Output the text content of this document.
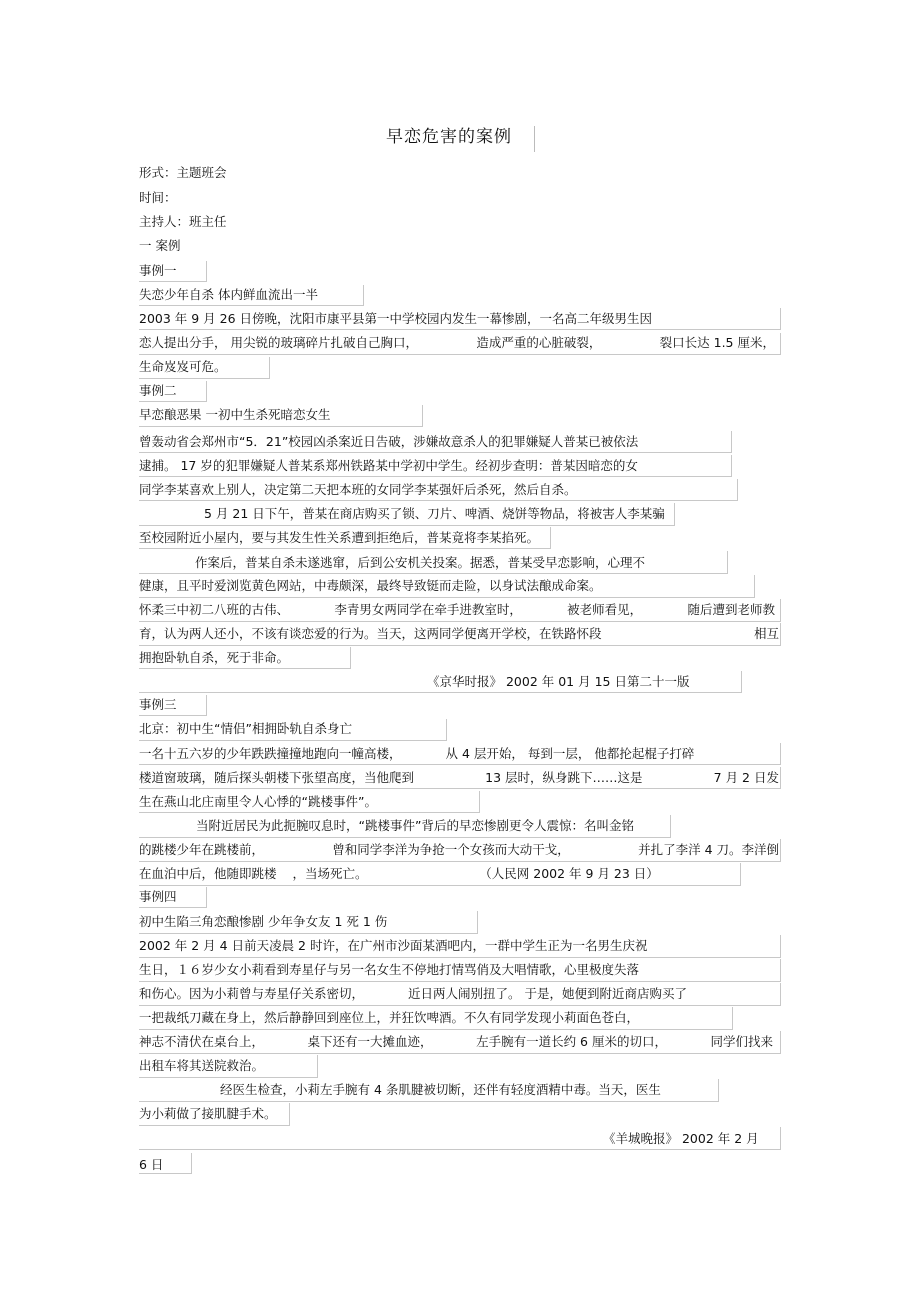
早恋危害的案例
形式：主题班会
时间：
主持人：班主任
一 案例
事例一
失恋少年自杀 体内鲜血流出一半
2003 年 9 月 26 日傍晚，沈阳市康平县第一中学校园内发生一幕惨剧，一名高二年级男生因
恋人提出分手， 用尖锐的玻璃碎片扎破自己胸口，	造成严重的心脏破裂，	裂口长达 1.5 厘米，
生命岌岌可危。
事例二
早恋酿恶果 一初中生杀死暗恋女生
曾轰动省会郑州市“5．21”校园凶杀案近日告破，涉嫌故意杀人的犯罪嫌疑人普某已被依法
逮捕。 17 岁的犯罪嫌疑人普某系郑州铁路某中学初中学生。经初步查明：普某因暗恋的女
同学李某喜欢上别人，决定第二天把本班的女同学李某强奸后杀死，然后自杀。
5 月 21 日下午，普某在商店购买了锁、刀片、啤酒、烧饼等物品，将被害人李某骗
至校园附近小屋内，要与其发生性关系遭到拒绝后，普某竟将李某掐死。
作案后，普某自杀未遂逃窜，后到公安机关投案。据悉，普某受早恋影响，心理不
健康，且平时爱浏览黄色网站，中毒颇深，最终导致铤而走险，以身试法酿成命案。
怀柔三中初二八班的古伟、	李青男女两同学在牵手进教室时，	被老师看见，	随后遭到老师教
育，认为两人还小，不该有谈恋爱的行为。当天，这两同学便离开学校，在铁路怀段	相互
拥抱卧轨自杀，死于非命。
《京华时报》 2002 年 01 月 15 日第二十一版
事例三
北京：初中生“情侣”相拥卧轨自杀身亡
一名十五六岁的少年跌跌撞撞地跑向一幢高楼，	从 4 层开始， 每到一层， 他都抡起棍子打碎
楼道窗玻璃，随后探头朝楼下张望高度，当他爬到	13 层时，纵身跳下……这是	7 月 2 日发
生在燕山北庄南里令人心悸的“跳楼事件”。
当附近居民为此扼腕叹息时，“跳楼事件”背后的早恋惨剧更令人震惊：名叫金铭
的跳楼少年在跳楼前，	曾和同学李洋为争抢一个女孩而大动干戈，	并扎了李洋 4 刀。李洋倒
在血泊中后，他随即跳楼 ，当场死亡。	（人民网 2002 年 9 月 23 日）
事例四
初中生陷三角恋酿惨剧 少年争女友 1 死 1 伤
2002 年 2 月 4 日前天凌晨 2 时许，在广州市沙面某酒吧内，一群中学生正为一名男生庆祝
生日，１６岁少女小莉看到寿星仔与另一名女生不停地打情骂俏及大唱情歌，心里极度失落
和伤心。因为小莉曾与寿星仔关系密切，	近日两人闹别扭了。 于是，她便到附近商店购买了
一把裁纸刀藏在身上，然后静静回到座位上，并狂饮啤酒。不久有同学发现小莉面色苍白，
神志不清伏在桌台上，	桌下还有一大摊血迹，	左手腕有一道长约 6 厘米的切口，	同学们找来
出租车将其送院救治。
经医生检查，小莉左手腕有 4 条肌腱被切断，还伴有轻度酒精中毒。当天，医生
为小莉做了接肌腱手术。
《羊城晚报》 2002 年 2 月
6 日
